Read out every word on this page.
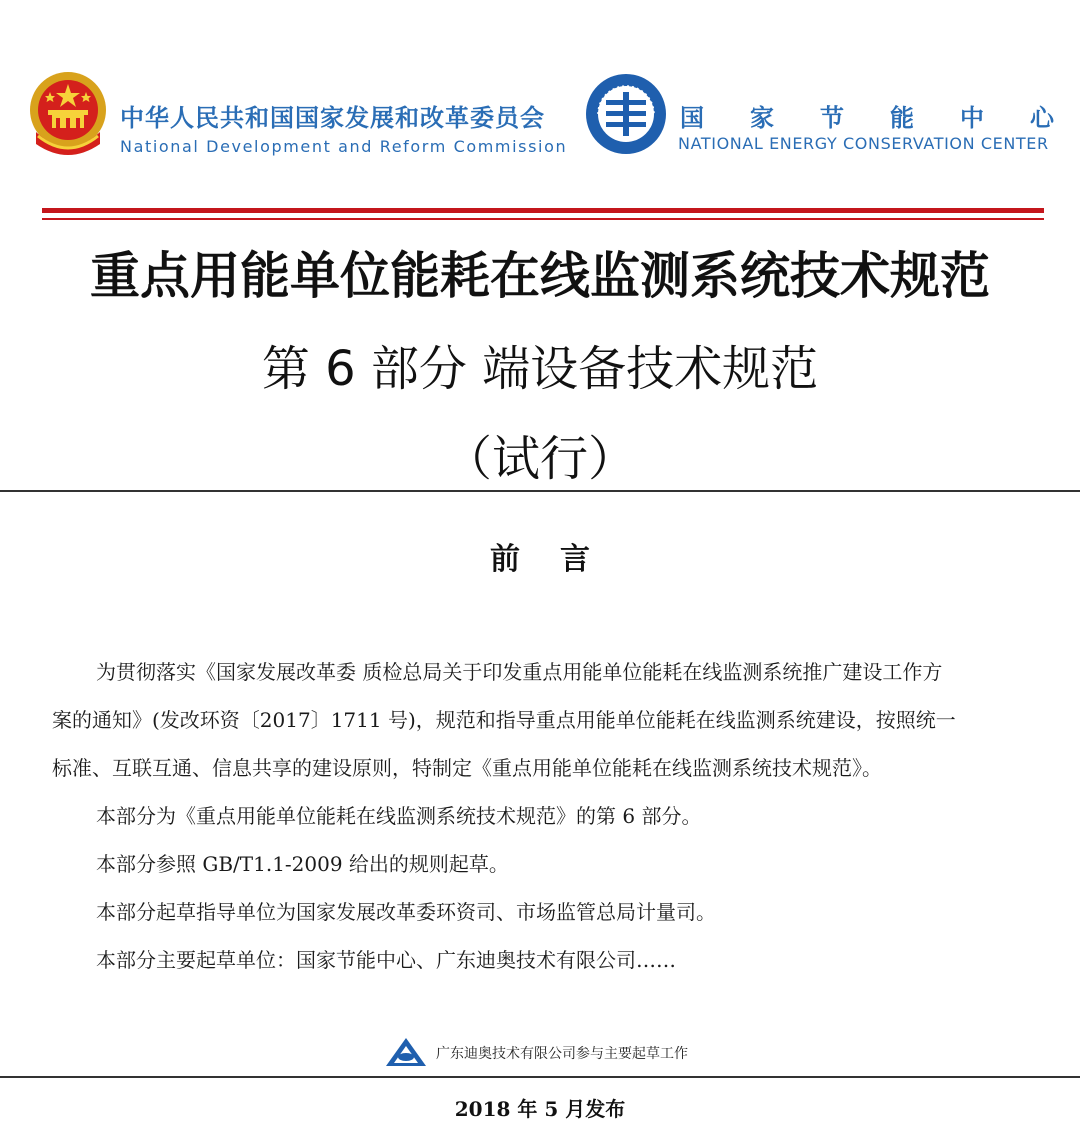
中华人民共和国国家发展和改革委员会
National Development and Reform Commission
国 家 节 能 中 心
NATIONAL ENERGY CONSERVATION CENTER
重点用能单位能耗在线监测系统技术规范
第 6 部分 端设备技术规范
（试行）
前言
为贯彻落实《国家发展改革委 质检总局关于印发重点用能单位能耗在线监测系统推广建设工作方
案的通知》(发改环资〔2017〕1711 号)，规范和指导重点用能单位能耗在线监测系统建设，按照统一
标准、互联互通、信息共享的建设原则，特制定《重点用能单位能耗在线监测系统技术规范》。
本部分为《重点用能单位能耗在线监测系统技术规范》的第 6 部分。
本部分参照 GB/T1.1-2009 给出的规则起草。
本部分起草指导单位为国家发展改革委环资司、市场监管总局计量司。
本部分主要起草单位：国家节能中心、广东迪奥技术有限公司……
广东迪奥技术有限公司参与主要起草工作
2018 年 5 月发布
